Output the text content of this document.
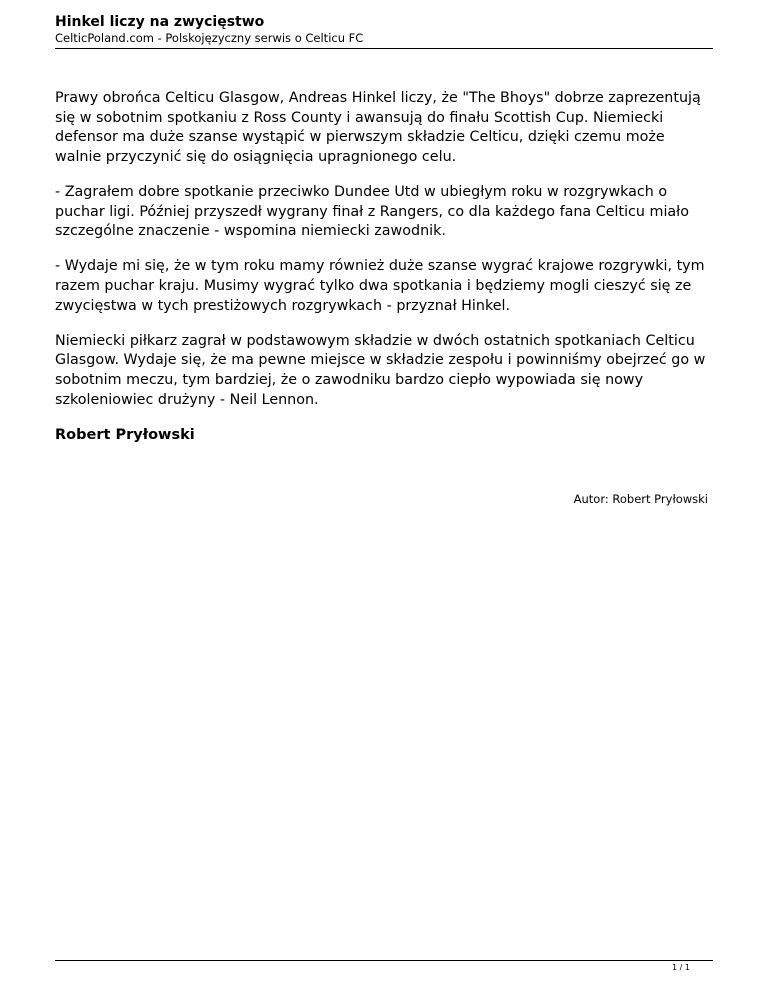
Hinkel liczy na zwycięstwo

CelticPoland.com - Polskojęzyczny serwis o Celticu FC

Prawy obrońca Celticu Glasgow, Andreas Hinkel liczy, że "The Bhoys" dobrze zaprezentują się w sobotnim spotkaniu z Ross County i awansują do finału Scottish Cup. Niemiecki defensor ma duże szanse wystąpić w pierwszym składzie Celticu, dzięki czemu może walnie przyczynić się do osiągnięcia upragnionego celu.

- Zagrałem dobre spotkanie przeciwko Dundee Utd w ubiegłym roku w rozgrywkach o puchar ligi. Później przyszedł wygrany finał z Rangers, co dla każdego fana Celticu miało szczególne znaczenie - wspomina niemiecki zawodnik.

- Wydaje mi się, że w tym roku mamy również duże szanse wygrać krajowe rozgrywki, tym razem puchar kraju. Musimy wygrać tylko dwa spotkania i będziemy mogli cieszyć się ze zwycięstwa w tych prestiżowych rozgrywkach - przyznał Hinkel.

Niemiecki piłkarz zagrał w podstawowym składzie w dwóch ostatnich spotkaniach Celticu Glasgow. Wydaje się, że ma pewne miejsce w składzie zespołu i powinniśmy obejrzeć go w sobotnim meczu, tym bardziej, że o zawodniku bardzo ciepło wypowiada się nowy szkoleniowiec drużyny - Neil Lennon.

Robert Pryłowski

Autor: Robert Pryłowski
1 / 1
